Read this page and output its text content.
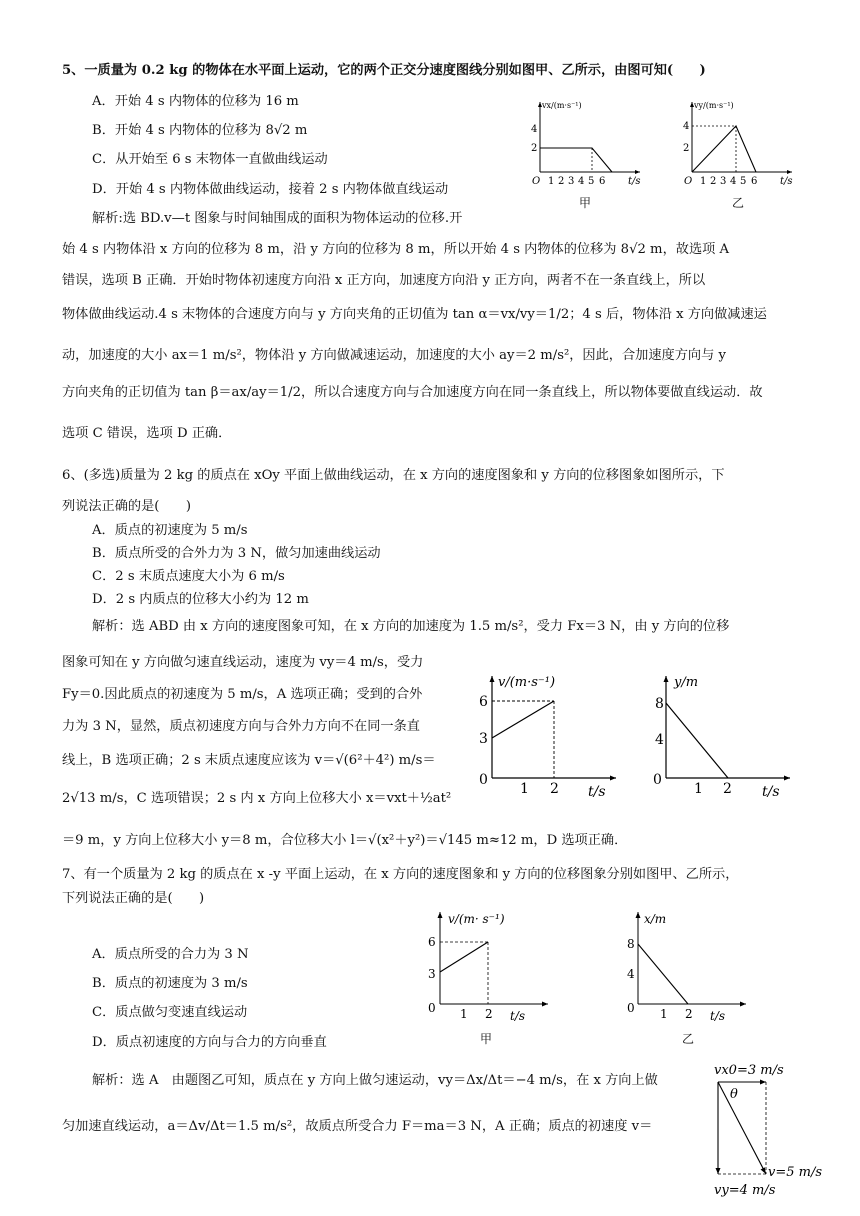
5、一质量为 0.2 kg 的物体在水平面上运动，它的两个正交分速度图线分别如图甲、乙所示，由图可知(　　)
A．开始 4 s 内物体的位移为 16 m
B．开始 4 s 内物体的位移为 8√2 m
C．从开始至 6 s 末物体一直做曲线运动
D．开始 4 s 内物体做曲线运动，接着 2 s 内物体做直线运动
vx/(m·s⁻¹)
2
4
O 1 2 3 4 5 6 t/s
甲
vy/(m·s⁻¹)
2
4
O 1 2 3 4 5 6 t/s
乙
解析:选 BD.v—t 图象与时间轴围成的面积为物体运动的位移.开
始 4 s 内物体沿 x 方向的位移为 8 m，沿 y 方向的位移为 8 m，所以开始 4 s 内物体的位移为 8√2 m，故选项 A
错误，选项 B 正确．开始时物体初速度方向沿 x 正方向，加速度方向沿 y 正方向，两者不在一条直线上，所以
物体做曲线运动.4 s 末物体的合速度方向与 y 方向夹角的正切值为 tan α＝vx/vy＝1/2；4 s 后，物体沿 x 方向做减速运
动，加速度的大小 ax＝1 m/s²，物体沿 y 方向做减速运动，加速度的大小 ay＝2 m/s²，因此，合加速度方向与 y
方向夹角的正切值为 tan β＝ax/ay＝1/2，所以合速度方向与合加速度方向在同一条直线上，所以物体要做直线运动．故
选项 C 错误，选项 D 正确．
6、(多选)质量为 2 kg 的质点在 xOy 平面上做曲线运动，在 x 方向的速度图象和 y 方向的位移图象如图所示，下
列说法正确的是(　　)
A．质点的初速度为 5 m/s
B．质点所受的合外力为 3 N，做匀加速曲线运动
C．2 s 末质点速度大小为 6 m/s
D．2 s 内质点的位移大小约为 12 m
解析：选 ABD 由 x 方向的速度图象可知，在 x 方向的加速度为 1.5 m/s²，受力 Fx＝3 N，由 y 方向的位移
图象可知在 y 方向做匀速直线运动，速度为 vy＝4 m/s，受力
Fy＝0.因此质点的初速度为 5 m/s，A 选项正确；受到的合外
力为 3 N，显然，质点初速度方向与合外力方向不在同一条直
线上，B 选项正确；2 s 末质点速度应该为 v＝√(6²＋4²) m/s＝
2√13 m/s，C 选项错误；2 s 内 x 方向上位移大小 x＝vxt＋½at²
＝9 m，y 方向上位移大小 y＝8 m，合位移大小 l＝√(x²＋y²)＝√145 m≈12 m，D 选项正确．
v/(m·s⁻¹)
3
6
0
1 2 t/s
y/m
4
8
0
1 2 t/s
7、有一个质量为 2 kg 的质点在 x -y 平面上运动，在 x 方向的速度图象和 y 方向的位移图象分别如图甲、乙所示，
下列说法正确的是(　　)
A．质点所受的合力为 3 N
B．质点的初速度为 3 m/s
C．质点做匀变速直线运动
D．质点初速度的方向与合力的方向垂直
v/(m· s⁻¹)
3
6
0 1 2 t/s
甲
x/m
4
8
0 1 2 t/s
乙
解析：选 A　由题图乙可知，质点在 y 方向上做匀速运动，vy＝Δx/Δt＝−4 m/s，在 x 方向上做
匀加速直线运动，a＝Δv/Δt＝1.5 m/s²，故质点所受合力 F＝ma＝3 N，A 正确；质点的初速度 v＝
vx0=3 m/s
θ
v=5 m/s
vy=4 m/s
